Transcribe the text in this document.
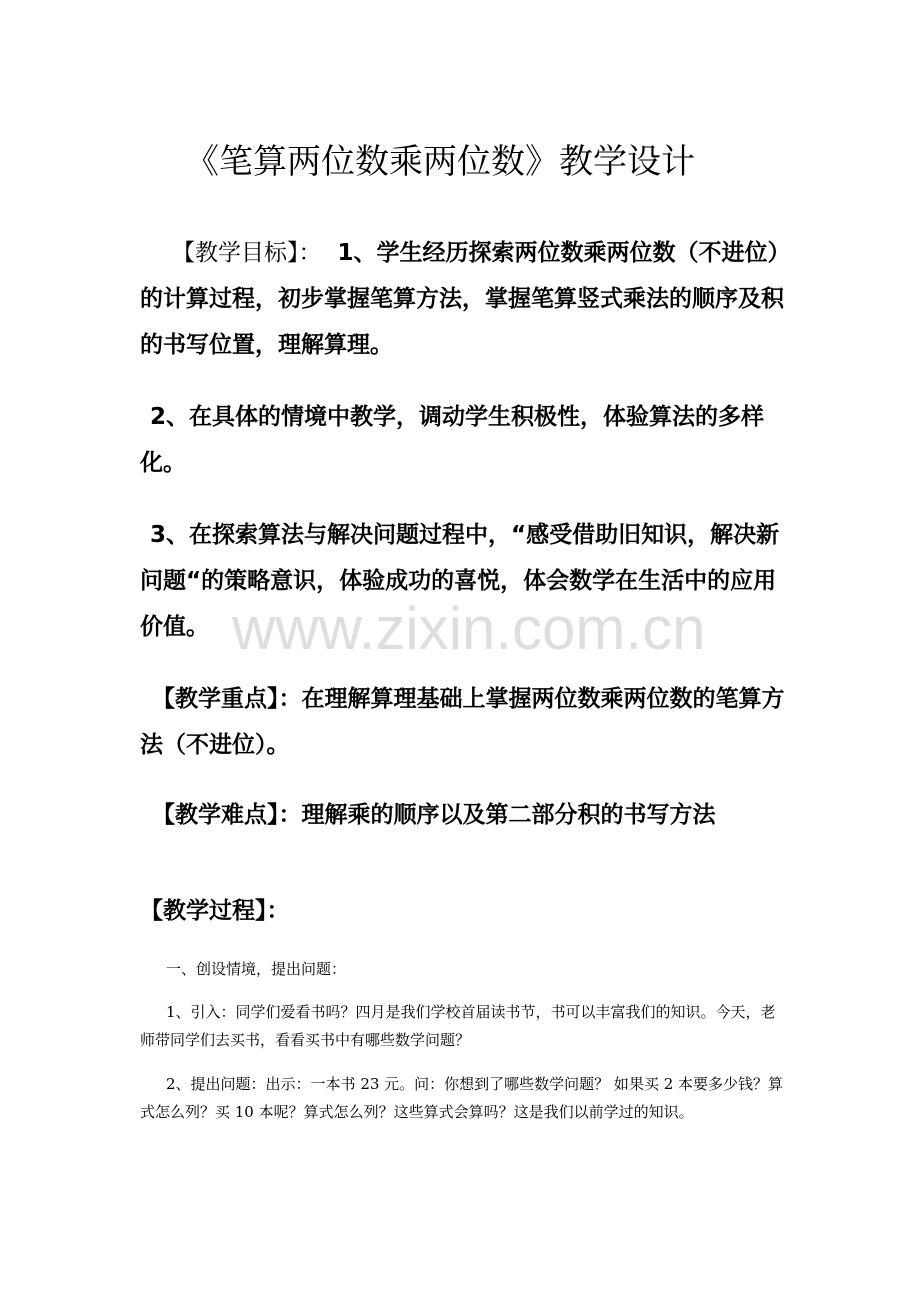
《笔算两位数乘两位数》教学设计
【教学目标】： 1、学生经历探索两位数乘两位数（不进位）的计算过程，初步掌握笔算方法，掌握笔算竖式乘法的顺序及积的书写位置，理解算理。
2、在具体的情境中教学，调动学生积极性，体验算法的多样化。
3、在探索算法与解决问题过程中，“感受借助旧知识，解决新问题“的策略意识，体验成功的喜悦，体会数学在生活中的应用价值。
【教学重点】：在理解算理基础上掌握两位数乘两位数的笔算方法（不进位）。
【教学难点】：理解乘的顺序以及第二部分积的书写方法
【教学过程】：
一、创设情境，提出问题：
1、引入：同学们爱看书吗？四月是我们学校首届读书节，书可以丰富我们的知识。今天，老师带同学们去买书，看看买书中有哪些数学问题？
2、提出问题：出示：一本书 23 元。问：你想到了哪些数学问题？ 如果买 2 本要多少钱？算式怎么列？买 10 本呢？算式怎么列？这些算式会算吗？这是我们以前学过的知识。
www.zixin.com.cn
